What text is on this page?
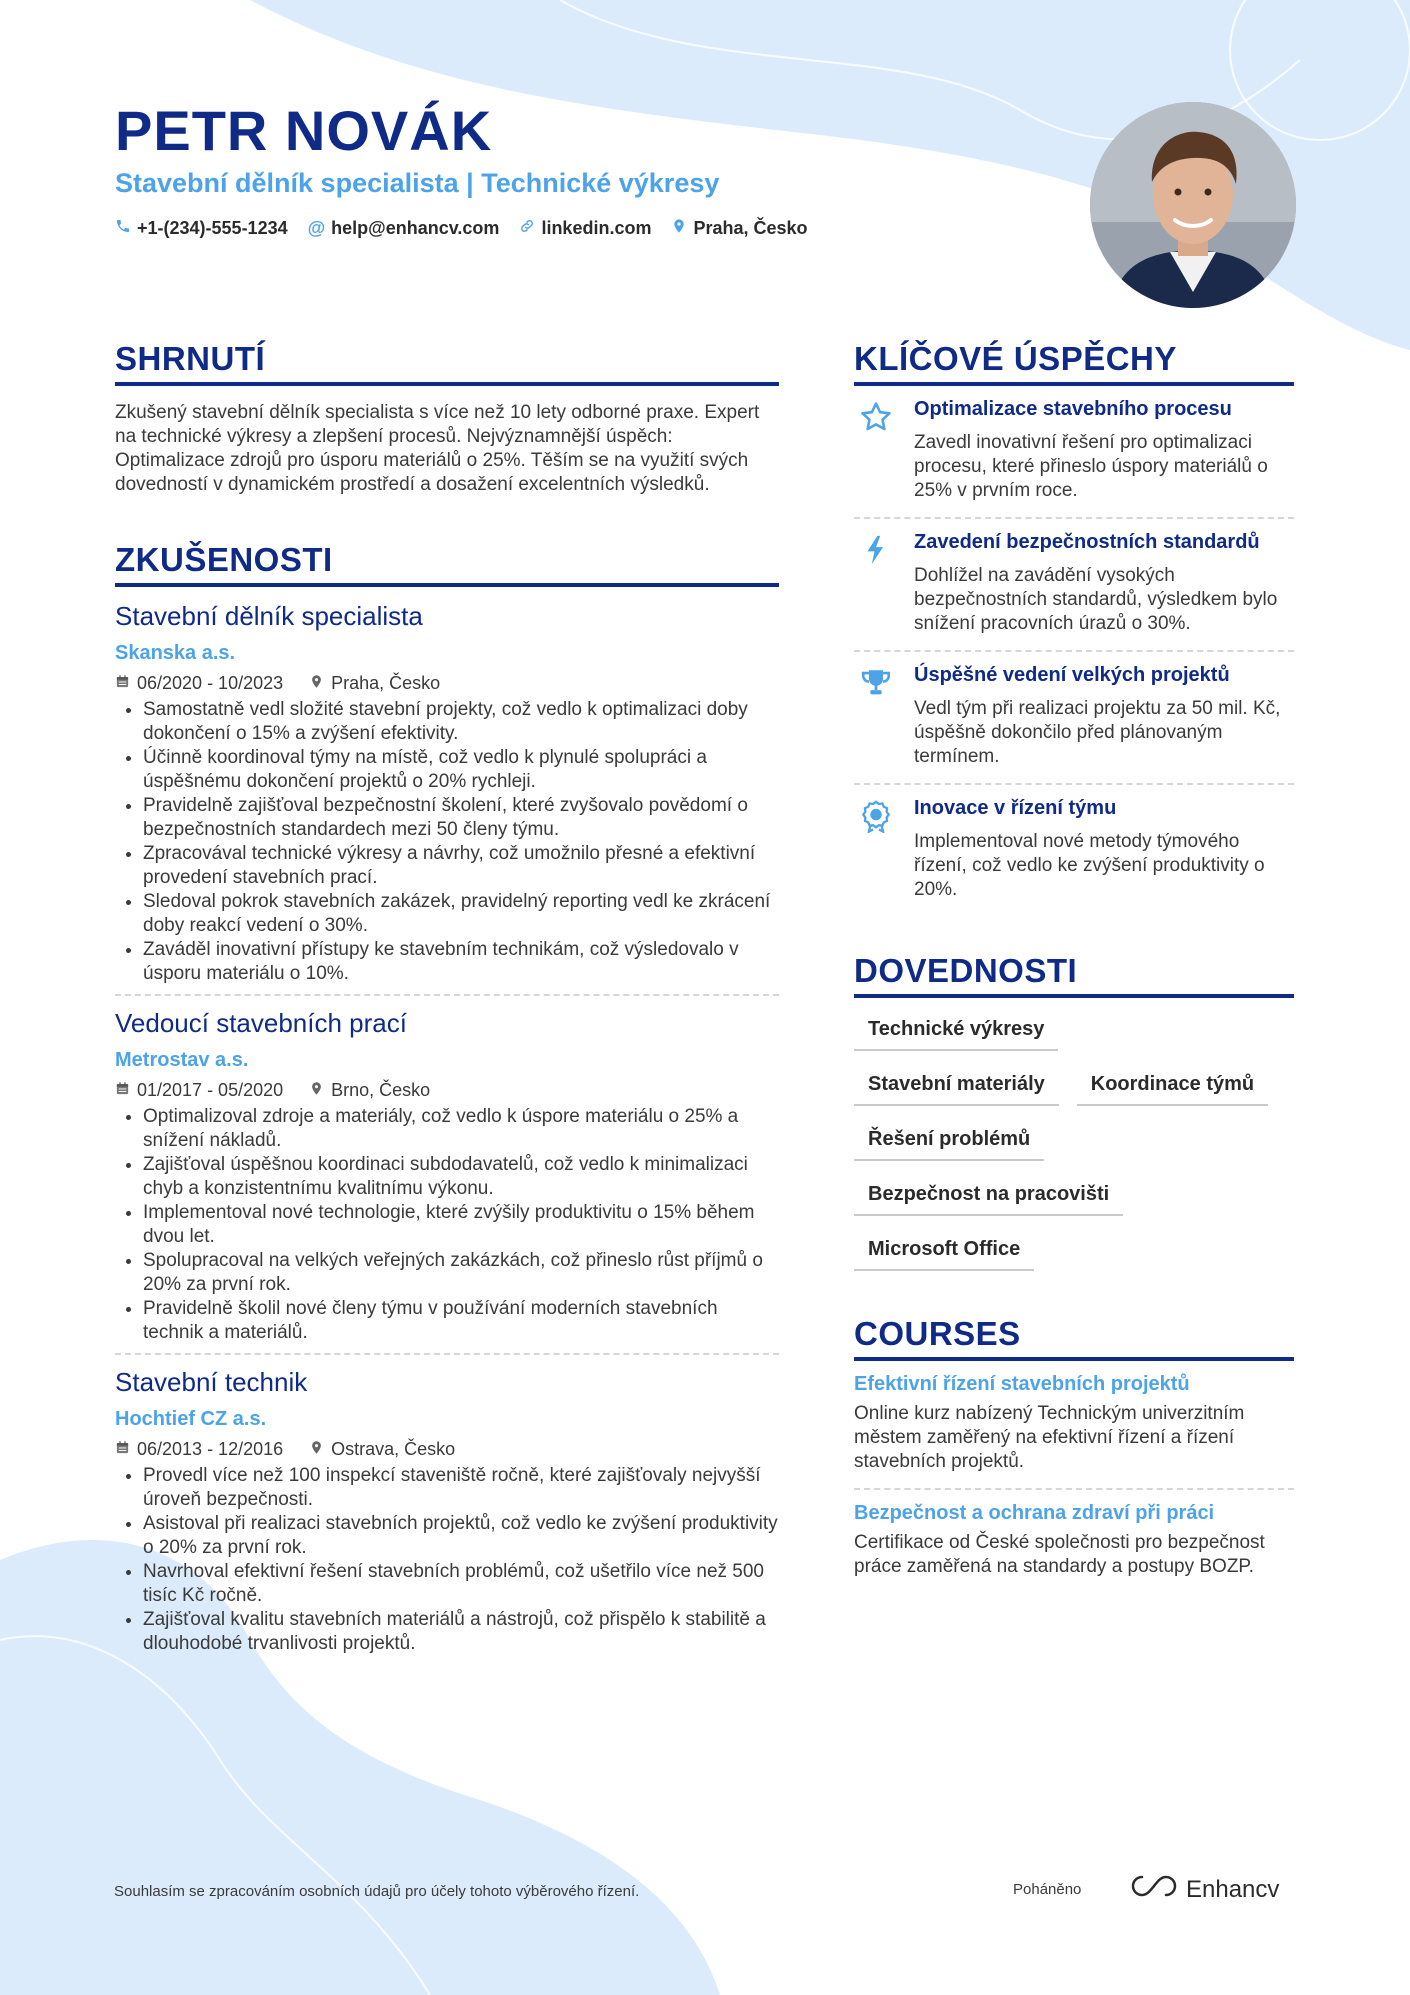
PETR NOVÁK
Stavební dělník specialista | Technické výkresy
+1-(234)-555-1234 @ help@enhancv.com linkedin.com Praha, Česko
SHRNUTÍ
Zkušený stavební dělník specialista s více než 10 lety odborné praxe. Expert na technické výkresy a zlepšení procesů. Nejvýznamnější úspěch: Optimalizace zdrojů pro úsporu materiálů o 25%. Těším se na využití svých dovedností v dynamickém prostředí a dosažení excelentních výsledků.
ZKUŠENOSTI
Stavební dělník specialista
Skanska a.s.
06/2020 - 10/2023	Praha, Česko
• Samostatně vedl složité stavební projekty, což vedlo k optimalizaci doby dokončení o 15% a zvýšení efektivity.
• Účinně koordinoval týmy na místě, což vedlo k plynulé spolupráci a úspěšnému dokončení projektů o 20% rychleji.
• Pravidelně zajišťoval bezpečnostní školení, které zvyšovalo povědomí o bezpečnostních standardech mezi 50 členy týmu.
• Zpracovával technické výkresy a návrhy, což umožnilo přesné a efektivní provedení stavebních prací.
• Sledoval pokrok stavebních zakázek, pravidelný reporting vedl ke zkrácení doby reakcí vedení o 30%.
• Zaváděl inovativní přístupy ke stavebním technikám, což výsledovalo v úsporu materiálu o 10%.
Vedoucí stavebních prací
Metrostav a.s.
01/2017 - 05/2020	Brno, Česko
• Optimalizoval zdroje a materiály, což vedlo k úspore materiálu o 25% a snížení nákladů.
• Zajišťoval úspěšnou koordinaci subdodavatelů, což vedlo k minimalizaci chyb a konzistentnímu kvalitnímu výkonu.
• Implementoval nové technologie, které zvýšily produktivitu o 15% během dvou let.
• Spolupracoval na velkých veřejných zakázkách, což přineslo růst příjmů o 20% za první rok.
• Pravidelně školil nové členy týmu v používání moderních stavebních technik a materiálů.
Stavební technik
Hochtief CZ a.s.
06/2013 - 12/2016	Ostrava, Česko
• Provedl více než 100 inspekcí staveniště ročně, které zajišťovaly nejvyšší úroveň bezpečnosti.
• Asistoval při realizaci stavebních projektů, což vedlo ke zvýšení produktivity o 20% za první rok.
• Navrhoval efektivní řešení stavebních problémů, což ušetřilo více než 500 tisíc Kč ročně.
• Zajišťoval kvalitu stavebních materiálů a nástrojů, což přispělo k stabilitě a dlouhodobé trvanlivosti projektů.
KLÍČOVÉ ÚSPĚCHY
Optimalizace stavebního procesu
Zavedl inovativní řešení pro optimalizaci procesu, které přineslo úspory materiálů o 25% v prvním roce.
Zavedení bezpečnostních standardů
Dohlížel na zavádění vysokých bezpečnostních standardů, výsledkem bylo snížení pracovních úrazů o 30%.
Úspěšné vedení velkých projektů
Vedl tým při realizaci projektu za 50 mil. Kč, úspěšně dokončilo před plánovaným termínem.
Inovace v řízení týmu
Implementoval nové metody týmového řízení, což vedlo ke zvýšení produktivity o 20%.
DOVEDNOSTI
Technické výkresy
Stavební materiály	Koordinace týmů
Řešení problémů
Bezpečnost na pracovišti
Microsoft Office
COURSES
Efektivní řízení stavebních projektů
Online kurz nabízený Technickým univerzitním městem zaměřený na efektivní řízení a řízení stavebních projektů.
Bezpečnost a ochrana zdraví při práci
Certifikace od České společnosti pro bezpečnost práce zaměřená na standardy a postupy BOZP.
Souhlasím se zpracováním osobních údajů pro účely tohoto výběrového řízení.	Poháněno	Enhancv
